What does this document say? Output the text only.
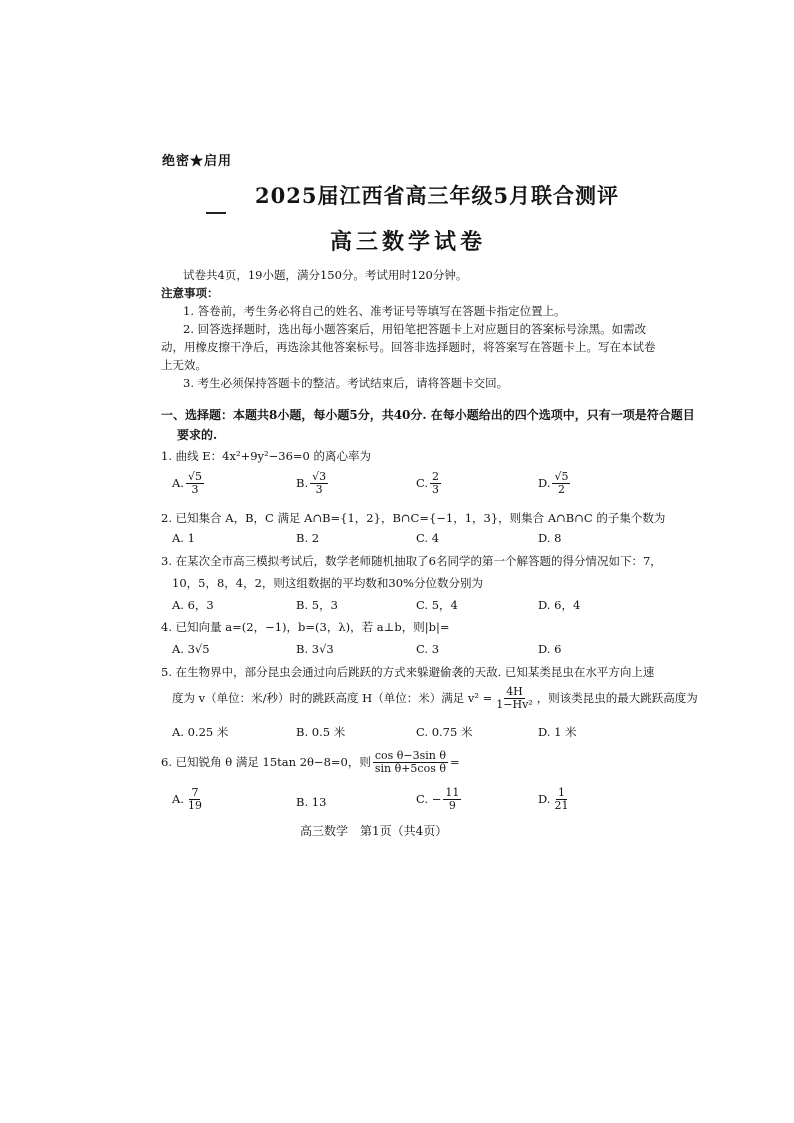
绝密★启用
2025届江西省高三年级5月联合测评
高三数学试卷
试卷共4页，19小题，满分150分。考试用时120分钟。
注意事项：
1. 答卷前，考生务必将自己的姓名、准考证号等填写在答题卡指定位置上。
2. 回答选择题时，选出每小题答案后，用铅笔把答题卡上对应题目的答案标号涂黑。如需改
动，用橡皮擦干净后，再选涂其他答案标号。回答非选择题时，将答案写在答题卡上。写在本试卷
上无效。
3. 考生必须保持答题卡的整洁。考试结束后，请将答题卡交回。
一、选择题：本题共8小题，每小题5分，共40分. 在每小题给出的四个选项中，只有一项是符合题目
要求的.
1. 曲线 E：4x²+9y²−36=0 的离心率为
A. $\frac{√5}{3}$	B. $\frac{√3}{3}$	C. $\frac{2}{3}$	D. $\frac{√5}{2}$
2. 已知集合 A，B，C 满足 A∩B={1，2}，B∩C={−1，1，3}，则集合 A∩B∩C 的子集个数为
A. 1	B. 2	C. 4	D. 8
3. 在某次全市高三模拟考试后，数学老师随机抽取了6名同学的第一个解答题的得分情况如下：7，
10，5，8，4，2，则这组数据的平均数和30%分位数分别为
A. 6，3	B. 5，3	C. 5，4	D. 6，4
4. 已知向量 a=(2，−1)，b=(3，λ)，若 a⊥b，则|b|=
A. 3√5	B. 3√3	C. 3	D. 6
5. 在生物界中，部分昆虫会通过向后跳跃的方式来躲避偷袭的天敌. 已知某类昆虫在水平方向上速
度为 v（单位：米/秒）时的跳跃高度 H（单位：米）满足 $v^2 = \frac{4H}{\text{1−Hv²}}$ ，则该类昆虫的最大跳跃高度为
A. 0.25 米	B. 0.5 米	C. 0.75 米	D. 1 米
6. 已知锐角 θ 满足 15tan 2θ−8=0，则 $\frac{\text{cos θ−3sin θ}}{\text{sin θ+5cos θ}}$ =
A. $\frac{7}{19}$	B. 13	C. − $\frac{11}{9}$	D. $\frac{1}{21}$
高三数学　第1页（共4页）
